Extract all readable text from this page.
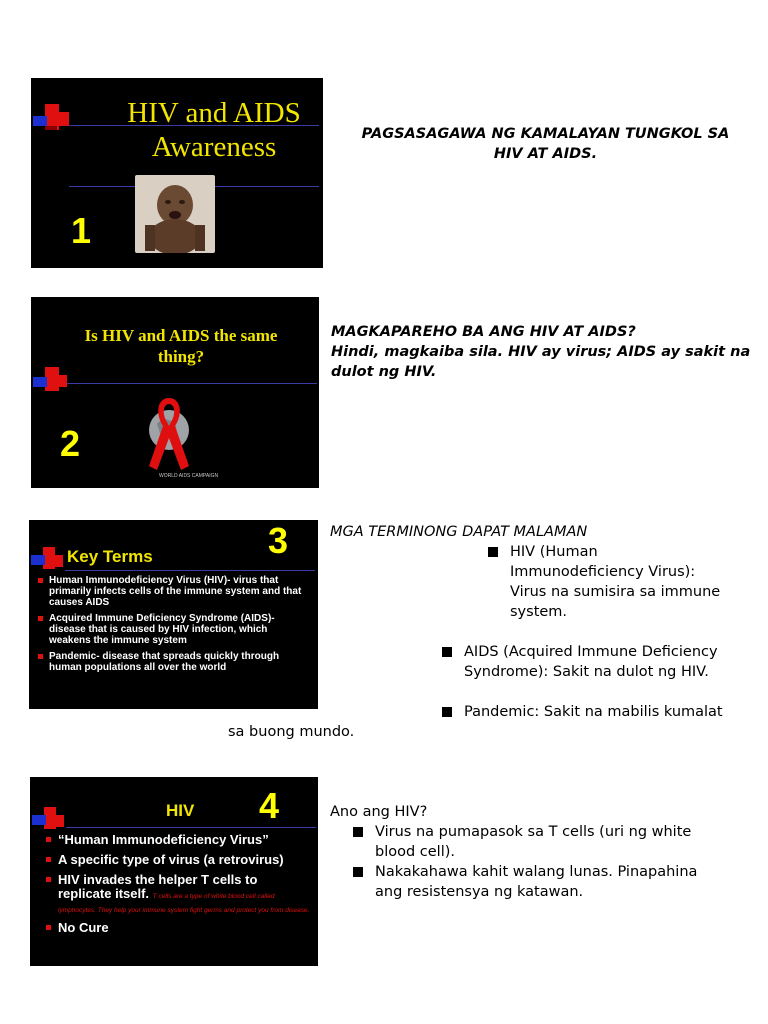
HIV and AIDS
Awareness
1
PAGSASAGAWA NG KAMALAYAN TUNGKOL SA
HIV AT AIDS.
Is HIV and AIDS the same
thing?
WORLD AIDS CAMPAIGN
2
MAGKAPAREHO BA ANG HIV AT AIDS?
Hindi, magkaiba sila. HIV ay virus; AIDS ay sakit na
dulot ng HIV.
Key Terms	3
Human Immunodeficiency Virus (HIV)- virus that primarily infects cells of the immune system and that causes AIDS
Acquired Immune Deficiency Syndrome (AIDS)- disease that is caused by HIV infection, which weakens the immune system
Pandemic- disease that spreads quickly through human populations all over the world
MGA TERMINONG DAPAT MALAMAN
HIV (Human
Immunodeficiency Virus):
Virus na sumisira sa immune
system.
AIDS (Acquired Immune Deficiency
Syndrome): Sakit na dulot ng HIV.
Pandemic: Sakit na mabilis kumalat
sa buong mundo.
HIV 4
“Human Immunodeficiency Virus”
A specific type of virus (a retrovirus)
HIV invades the helper T cells to replicate itself. T cells are a type of white blood cell called lymphocytes. They help your immune system fight germs and protect you from disease.
No Cure
Ano ang HIV?
Virus na pumapasok sa T cells (uri ng white
blood cell).
Nakakahawa kahit walang lunas. Pinapahina
ang resistensya ng katawan.
